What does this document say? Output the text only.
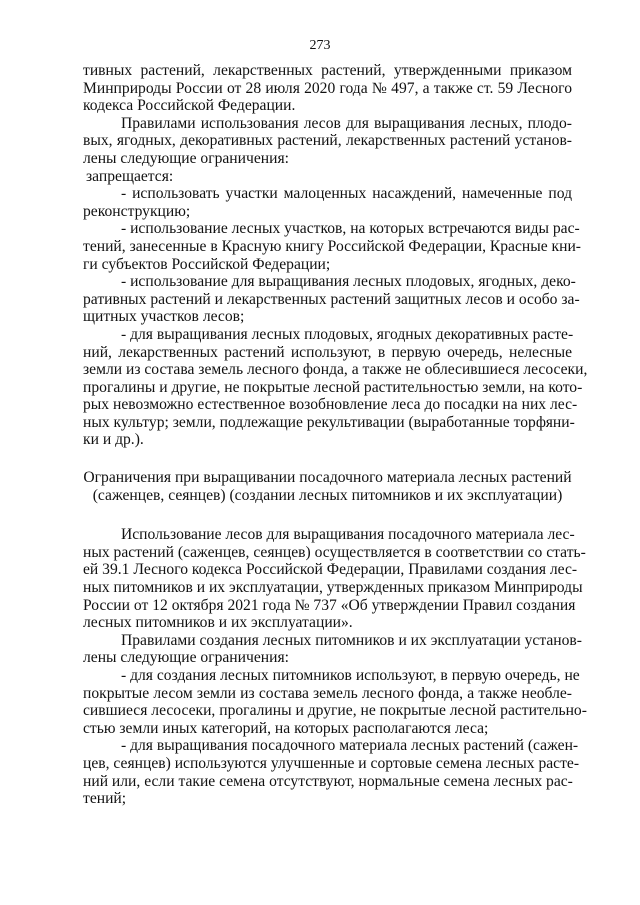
273
тивных растений, лекарственных растений, утвержденными приказом
Минприроды России от 28 июля 2020 года № 497, а также ст. 59 Лесного
кодекса Российской Федерации.
Правилами использования лесов для выращивания лесных, плодо-
вых, ягодных, декоративных растений, лекарственных растений установ-
лены следующие ограничения:
запрещается:
- использовать участки малоценных насаждений, намеченные под
реконструкцию;
- использование лесных участков, на которых встречаются виды рас-
тений, занесенные в Красную книгу Российской Федерации, Красные кни-
ги субъектов Российской Федерации;
- использование для выращивания лесных плодовых, ягодных, деко-
ративных растений и лекарственных растений защитных лесов и особо за-
щитных участков лесов;
- для выращивания лесных плодовых, ягодных декоративных расте-
ний, лекарственных растений используют, в первую очередь, нелесные
земли из состава земель лесного фонда, а также не облесившиеся лесосеки,
прогалины и другие, не покрытые лесной растительностью земли, на кото-
рых невозможно естественное возобновление леса до посадки на них лес-
ных культур; земли, подлежащие рекультивации (выработанные торфяни-
ки и др.).
Ограничения при выращивании посадочного материала лесных растений
(саженцев, сеянцев) (создании лесных питомников и их эксплуатации)
Использование лесов для выращивания посадочного материала лес-
ных растений (саженцев, сеянцев) осуществляется в соответствии со стать-
ей 39.1 Лесного кодекса Российской Федерации, Правилами создания лес-
ных питомников и их эксплуатации, утвержденных приказом Минприроды
России от 12 октября 2021 года № 737 «Об утверждении Правил создания
лесных питомников и их эксплуатации».
Правилами создания лесных питомников и их эксплуатации установ-
лены следующие ограничения:
- для создания лесных питомников используют, в первую очередь, не
покрытые лесом земли из состава земель лесного фонда, а также необле-
сившиеся лесосеки, прогалины и другие, не покрытые лесной растительно-
стью земли иных категорий, на которых располагаются леса;
- для выращивания посадочного материала лесных растений (сажен-
цев, сеянцев) используются улучшенные и сортовые семена лесных расте-
ний или, если такие семена отсутствуют, нормальные семена лесных рас-
тений;
